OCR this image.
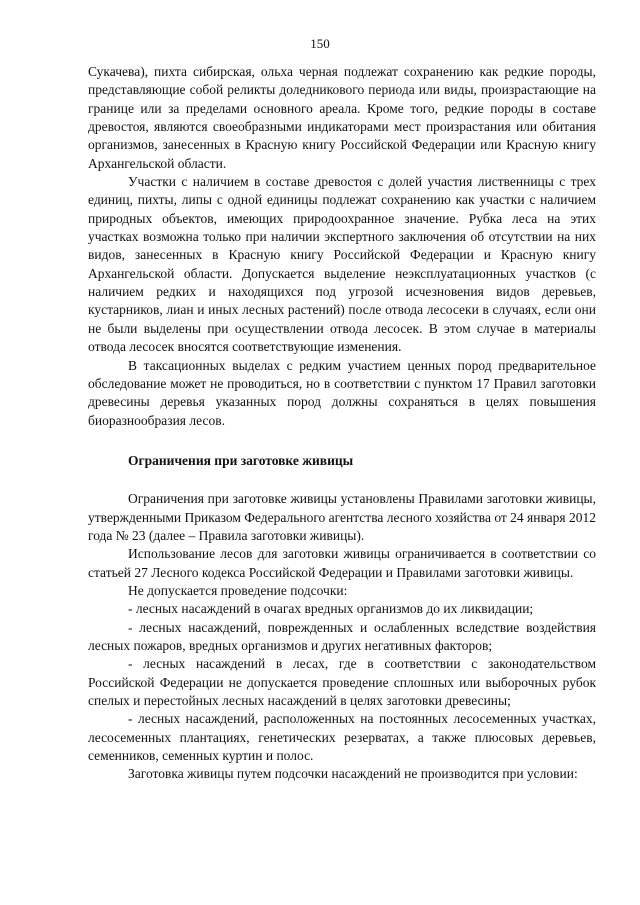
150

Сукачева), пихта сибирская, ольха черная подлежат сохранению как редкие породы, представляющие собой реликты доледникового периода или виды, произрастающие на границе или за пределами основного ареала. Кроме того, редкие породы в составе древостоя, являются своеобразными индикаторами мест произрастания или обитания организмов, занесенных в Красную книгу Российской Федерации или Красную книгу Архангельской области.

Участки с наличием в составе древостоя с долей участия лиственницы с трех единиц, пихты, липы с одной единицы подлежат сохранению как участки с наличием природных объектов, имеющих природоохранное значение. Рубка леса на этих участках возможна только при наличии экспертного заключения об отсутствии на них видов, занесенных в Красную книгу Российской Федерации и Красную книгу Архангельской области. Допускается выделение неэксплуатационных участков (с наличием редких и находящихся под угрозой исчезновения видов деревьев, кустарников, лиан и иных лесных растений) после отвода лесосеки в случаях, если они не были выделены при осуществлении отвода лесосек. В этом случае в материалы отвода лесосек вносятся соответствующие изменения.

В таксационных выделах с редким участием ценных пород предварительное обследование может не проводиться, но в соответствии с пунктом 17 Правил заготовки древесины деревья указанных пород должны сохраняться в целях повышения биоразнообразия лесов.

Ограничения при заготовке живицы

Ограничения при заготовке живицы установлены Правилами заготовки живицы, утвержденными Приказом Федерального агентства лесного хозяйства от 24 января 2012 года № 23 (далее – Правила заготовки живицы).

Использование лесов для заготовки живицы ограничивается в соответствии со статьей 27 Лесного кодекса Российской Федерации и Правилами заготовки живицы.

Не допускается проведение подсочки:

- лесных насаждений в очагах вредных организмов до их ликвидации;

- лесных насаждений, поврежденных и ослабленных вследствие воздействия лесных пожаров, вредных организмов и других негативных факторов;

- лесных насаждений в лесах, где в соответствии с законодательством Российской Федерации не допускается проведение сплошных или выборочных рубок спелых и перестойных лесных насаждений в целях заготовки древесины;

- лесных насаждений, расположенных на постоянных лесосеменных участках, лесосеменных плантациях, генетических резерватах, а также плюсовых деревьев, семенников, семенных куртин и полос.

Заготовка живицы путем подсочки насаждений не производится при условии:
